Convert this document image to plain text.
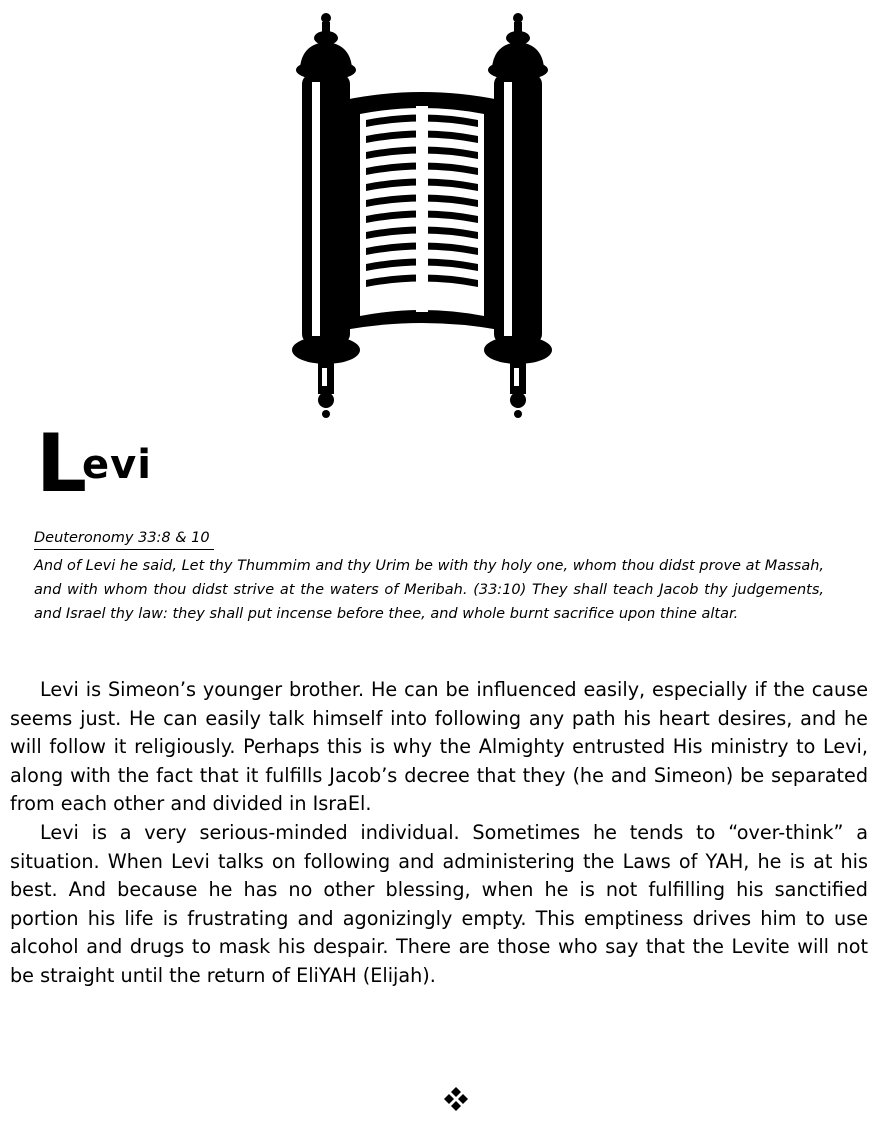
L
evi
Deuteronomy 33:8 & 10
And of Levi he said, Let thy Thummim and thy Urim be with thy holy one, whom thou didst prove at Massah, and with whom thou didst strive at the waters of Meribah. (33:10) They shall teach Jacob thy judgements, and Israel thy law: they shall put incense before thee, and whole burnt sacrifice upon thine altar.

Levi is Simeon’s younger brother. He can be influenced easily, especially if the cause seems just. He can easily talk himself into following any path his heart desires, and he will follow it religiously. Perhaps this is why the Almighty entrusted His ministry to Levi, along with the fact that it fulfills Jacob’s decree that they (he and Simeon) be separated from each other and divided in IsraEl.

Levi is a very serious-minded individual. Sometimes he tends to “over-think” a situation. When Levi talks on following and administering the Laws of YAH, he is at his best. And because he has no other blessing, when he is not fulfilling his sanctified portion his life is frustrating and agonizingly empty. This emptiness drives him to use alcohol and drugs to mask his despair. There are those who say that the Levite will not be straight until the return of EliYAH (Elijah).
